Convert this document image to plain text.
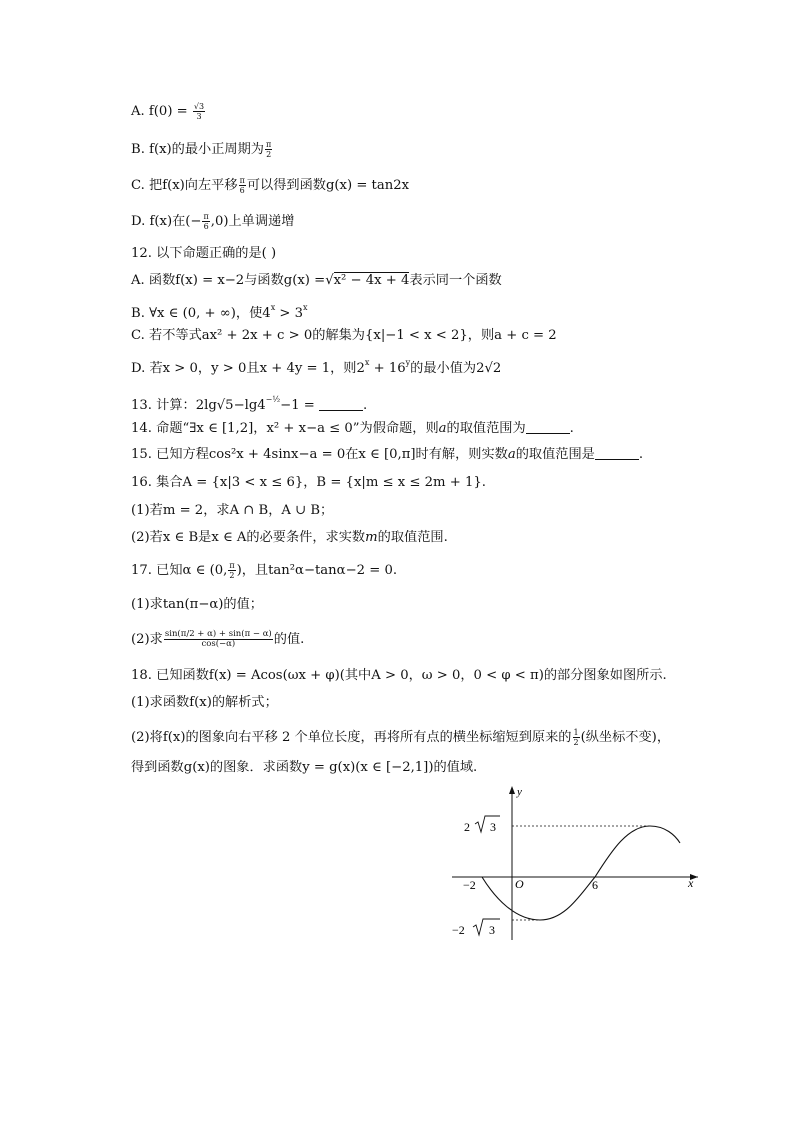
A. $f(0) = \frac{√3}{3}$
B. f(x)的最小正周期为 $\frac{\pi}{2}$
C. 把f(x)向左平移 $\frac{\pi}{6}$ 可以得到函数g(x) = tan2x
D. f(x)在(− $\frac{\pi}{6} ,0$)上单调递增
12. 以下命题正确的是( )
A. 函数f(x) = x−2与函数g(x) =√x² − 4x + 4表示同一个函数
B. ∀x ∈ (0, + ∞)，使$4^x > 3^x$
C. 若不等式ax² + 2x + c > 0的解集为{x|−1 < x < 2}，则a + c = 2
D. 若x > 0，y > 0且x + 4y = 1，则$2^x + 16^y$的最小值为2√2
13. 计算：$2\lg√5-\lg 4^{-\frac{1}{2}}-1$ =	.
14. 命题“∃x ∈ [1,2]，x² + x−a ≤ 0”为假命题，则a的取值范围为	.
15. 已知方程cos²x + 4sinx−a = 0在x ∈ [0,π]时有解，则实数a的取值范围是	.
16. 集合A = {x|3 < x ≤ 6}，B = {x|m ≤ x ≤ 2m + 1}.
(1)若m = 2，求A ∩ B，A ∪ B；
(2)若x ∈ B是x ∈ A的必要条件，求实数m的取值范围.
17. 已知α ∈ (0, $\frac{\pi}{2}$ )，且tan²α−tanα−2 = 0.
(1)求tan(π−α)的值；
(2)求 $\frac{\sin(\pi/2 + \alpha) + \sin(\pi - \alpha)}{\cos(-\alpha)}$ 的值.
18. 已知函数f(x) = Acos(ωx + φ)(其中A > 0，ω > 0，0 < φ < π)的部分图象如图所示.
(1)求函数f(x)的解析式；
(2)将f(x)的图象向右平移 2 个单位长度，再将所有点的横坐标缩短到原来的 $\frac{1}{2}$ (纵坐标不变)，
得到函数g(x)的图象．求函数y = g(x)(x ∈ [−2,1])的值域.
y
x
O
2 3
−2 3
−2	6
